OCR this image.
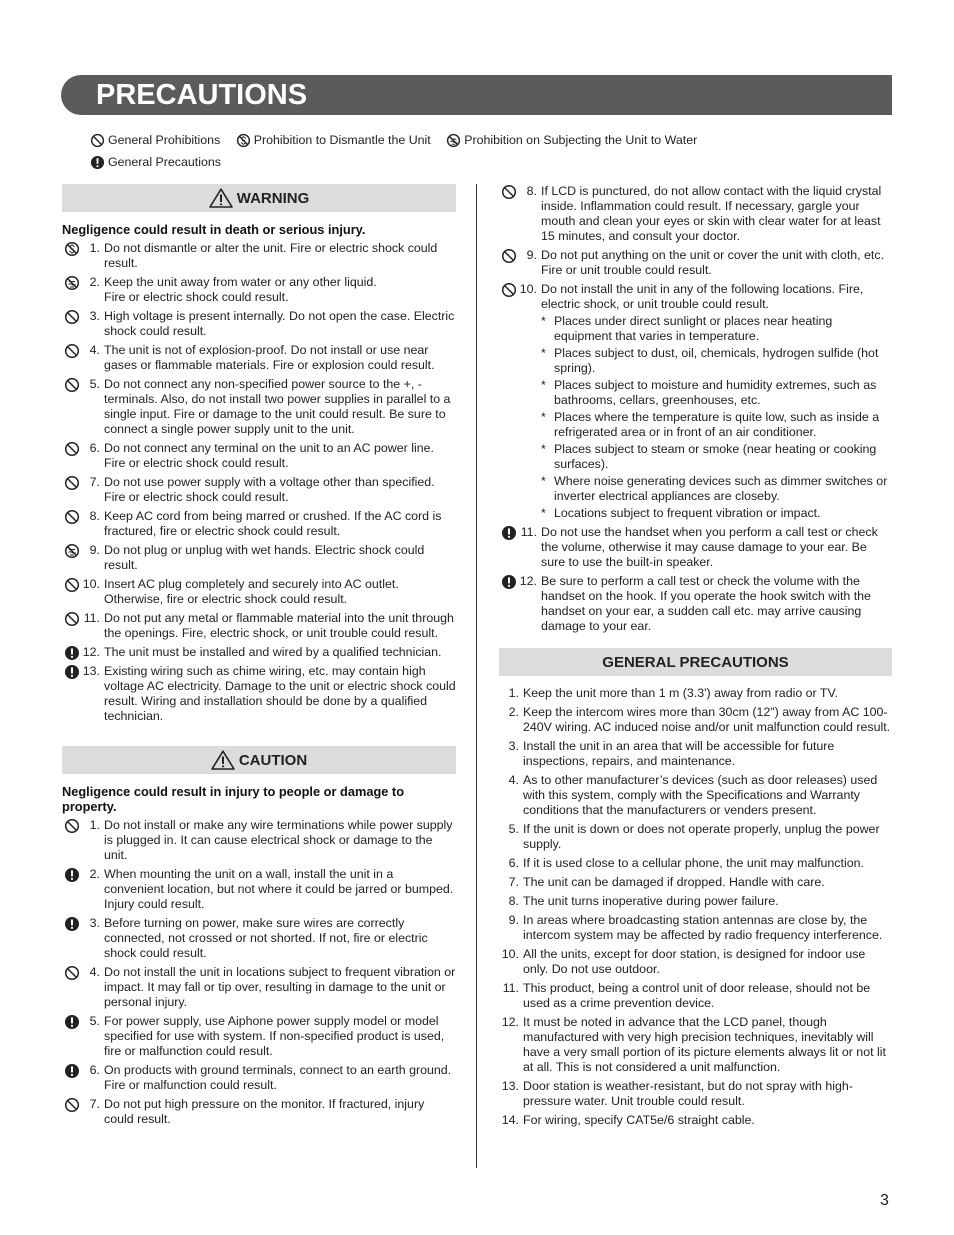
PRECAUTIONS
General Prohibitions
	Prohibition to Dismantle the Unit
	Prohibition on Subjecting the Unit to Water
General Precautions
WARNING
Negligence could result in death or serious injury.
1. Do not dismantle or alter the unit. Fire or electric shock could result.
2. Keep the unit away from water or any other liquid.
Fire or electric shock could result.
3. High voltage is present internally. Do not open the case. Electric shock could result.
4. The unit is not of explosion-proof. Do not install or use near gases or flammable materials. Fire or explosion could result.
5. Do not connect any non-specified power source to the +, - terminals. Also, do not install two power supplies in parallel to a single input. Fire or damage to the unit could result. Be sure to connect a single power supply unit to the unit.
6. Do not connect any terminal on the unit to an AC power line. Fire or electric shock could result.
7. Do not use power supply with a voltage other than specified. Fire or electric shock could result.
8. Keep AC cord from being marred or crushed. If the AC cord is fractured, fire or electric shock could result.
9. Do not plug or unplug with wet hands. Electric shock could result.
10. Insert AC plug completely and securely into AC outlet. Otherwise, fire or electric shock could result.
11. Do not put any metal or flammable material into the unit through the openings. Fire, electric shock, or unit trouble could result.
12. The unit must be installed and wired by a qualified technician.
13. Existing wiring such as chime wiring, etc. may contain high voltage AC electricity. Damage to the unit or electric shock could result. Wiring and installation should be done by a qualified technician.
CAUTION
Negligence could result in injury to people or damage to property.
1. Do not install or make any wire terminations while power supply is plugged in. It can cause electrical shock or damage to the unit.
2. When mounting the unit on a wall, install the unit in a convenient location, but not where it could be jarred or bumped. Injury could result.
3. Before turning on power, make sure wires are correctly connected, not crossed or not shorted. If not, fire or electric shock could result.
4. Do not install the unit in locations subject to frequent vibration or impact. It may fall or tip over, resulting in damage to the unit or personal injury.
5. For power supply, use Aiphone power supply model or model specified for use with system. If non-specified product is used, fire or malfunction could result.
6. On products with ground terminals, connect to an earth ground. Fire or malfunction could result.
7. Do not put high pressure on the monitor. If fractured, injury could result.
8. If LCD is punctured, do not allow contact with the liquid crystal inside. Inflammation could result. If necessary, gargle your mouth and clean your eyes or skin with clear water for at least 15 minutes, and consult your doctor.
9. Do not put anything on the unit or cover the unit with cloth, etc. Fire or unit trouble could result.
10. Do not install the unit in any of the following locations. Fire, electric shock, or unit trouble could result.
* Places under direct sunlight or places near heating equipment that varies in temperature.
* Places subject to dust, oil, chemicals, hydrogen sulfide (hot spring).
* Places subject to moisture and humidity extremes, such as bathrooms, cellars, greenhouses, etc.
* Places where the temperature is quite low, such as inside a refrigerated area or in front of an air conditioner.
* Places subject to steam or smoke (near heating or cooking surfaces).
* Where noise generating devices such as dimmer switches or inverter electrical appliances are closeby.
* Locations subject to frequent vibration or impact.
11. Do not use the handset when you perform a call test or check the volume, otherwise it may cause damage to your ear. Be sure to use the built-in speaker.
12. Be sure to perform a call test or check the volume with the handset on the hook. If you operate the hook switch with the handset on your ear, a sudden call etc. may arrive causing damage to your ear.
GENERAL PRECAUTIONS
1. Keep the unit more than 1 m (3.3') away from radio or TV.
2. Keep the intercom wires more than 30cm (12") away from AC 100-240V wiring. AC induced noise and/or unit malfunction could result.
3. Install the unit in an area that will be accessible for future inspections, repairs, and maintenance.
4. As to other manufacturer’s devices (such as door releases) used with this system, comply with the Specifications and Warranty conditions that the manufacturers or venders present.
5. If the unit is down or does not operate properly, unplug the power supply.
6. If it is used close to a cellular phone, the unit may malfunction.
7. The unit can be damaged if dropped. Handle with care.
8. The unit turns inoperative during power failure.
9. In areas where broadcasting station antennas are close by, the intercom system may be affected by radio frequency interference.
10. All the units, except for door station, is designed for indoor use only. Do not use outdoor.
11. This product, being a control unit of door release, should not be used as a crime prevention device.
12. It must be noted in advance that the LCD panel, though manufactured with very high precision techniques, inevitably will have a very small portion of its picture elements always lit or not lit at all. This is not considered a unit malfunction.
13. Door station is weather-resistant, but do not spray with high-pressure water. Unit trouble could result.
14. For wiring, specify CAT5e/6 straight cable.
3
